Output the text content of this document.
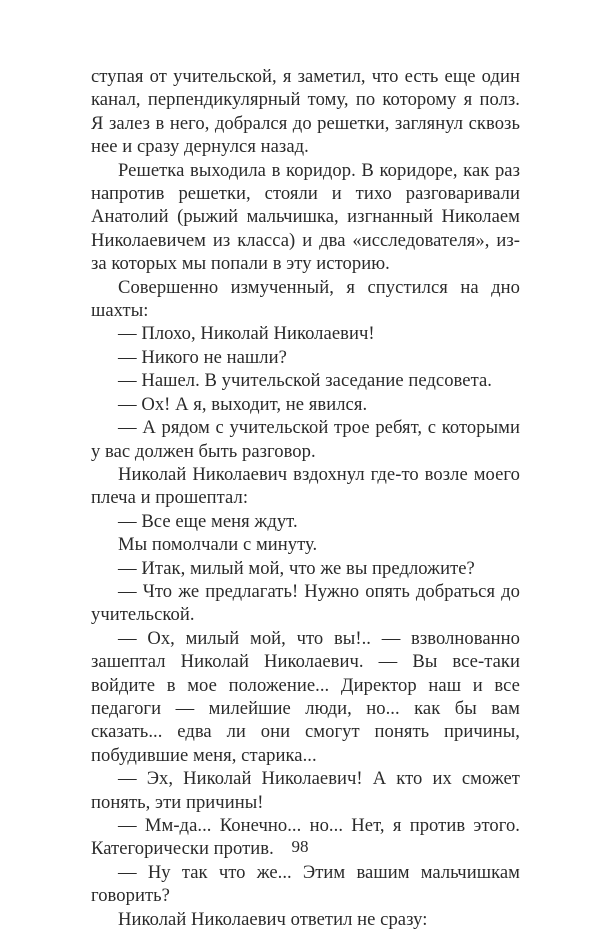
ступая от учительской, я заметил, что есть еще один канал, перпендикулярный тому, по которому я полз. Я залез в него, добрался до решетки, заглянул сквозь нее и сразу дернулся назад.

Решетка выходила в коридор. В коридоре, как раз напротив решетки, стояли и тихо разговаривали Анатолий (рыжий мальчишка, изгнанный Николаем Николаевичем из класса) и два «исследователя», из-за которых мы попали в эту историю.

Совершенно измученный, я спустился на дно шахты:

— Плохо, Николай Николаевич!

— Никого не нашли?

— Нашел. В учительской заседание педсовета.

— Ох! А я, выходит, не явился.

— А рядом с учительской трое ребят, с которыми у вас должен быть разговор.

Николай Николаевич вздохнул где-то возле моего плеча и прошептал:

— Все еще меня ждут.

Мы помолчали с минуту.

— Итак, милый мой, что же вы предложите?

— Что же предлагать! Нужно опять добраться до учительской.

— Ох, милый мой, что вы!.. — взволнованно зашептал Николай Николаевич. — Вы все-таки войдите в мое положение... Директор наш и все педагоги — милейшие люди, но... как бы вам сказать... едва ли они смогут понять причины, побудившие меня, старика...

— Эх, Николай Николаевич! А кто их сможет понять, эти причины!

— Мм-да... Конечно... но... Нет, я против этого. Категорически против.

— Ну так что же... Этим вашим мальчишкам говорить?

Николай Николаевич ответил не сразу:

98
